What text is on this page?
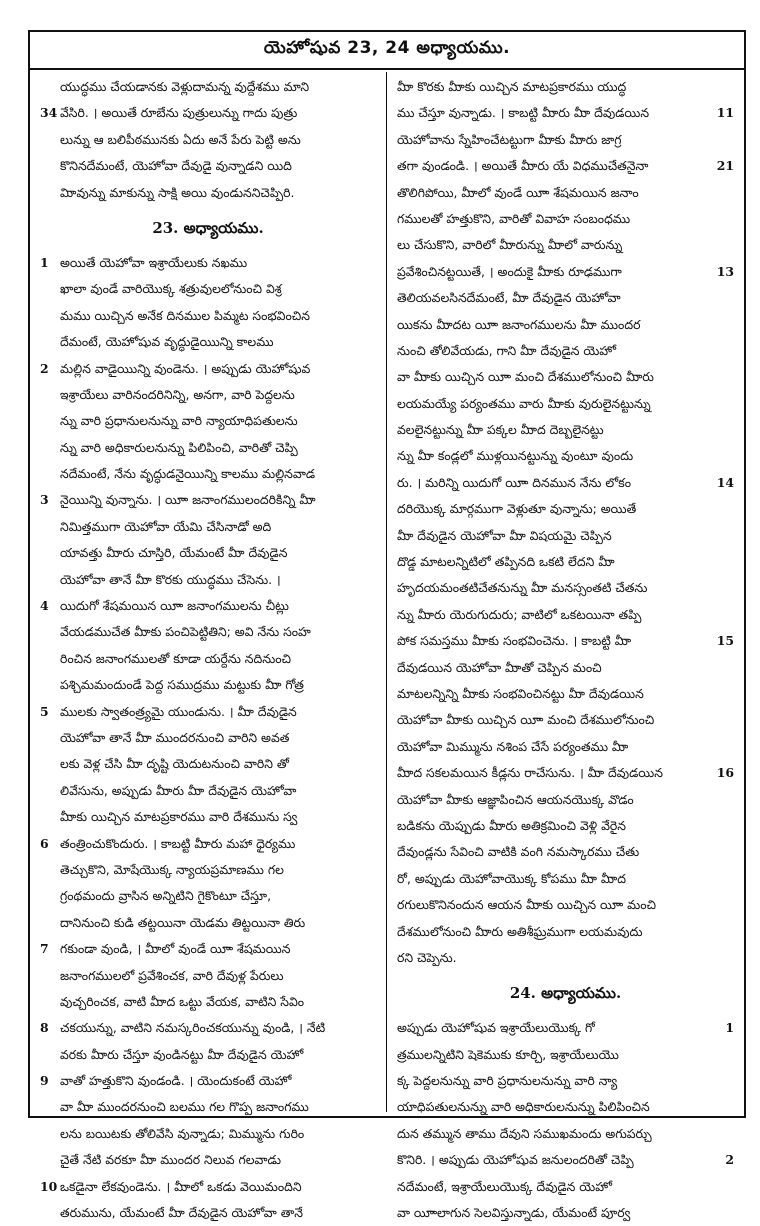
యెహోషువ 23, 24 అధ్యాయము.
యుద్ధము చేయడానకు వెళ్లుదామన్న వుద్దేశము మాని
34 వేసిరి. । అయితే రూబేను పుత్రులున్ను గాదు పుత్రు
లున్ను ఆ బలిపీఠమునకు ఏదు అనే పేరు పెట్టి అను
కొనినదేమంటే, యెహోవా దేవుడై వున్నాడని యిది
మిావున్ను మాకున్ను సాక్షి అయి వుండుననిచెప్పిరి.
23. అధ్యాయము.
1 అయితే యెహోవా ఇశ్రాయేలుకు నఖము
ఖాలా వుండే వారియొక్క శత్రువులలోనుంచి విశ్ర
మము యిచ్చిన అనేక దినముల పిమ్మట సంభవించిన
దేమంటే, యెహోషువ వృద్ధుడైయిున్ని కాలము
2 మల్లిన వాడైయిున్ని వుండెను. । అప్పుడు యెహోషువ
ఇశ్రాయేలు వారినందరినిన్ని, అనగా, వారి పెద్దలను
న్ను వారి ప్రధానులనున్ను వారి న్యాయాధిపతులను
న్ను వారి అధికారులనున్ను పిలిపించి, వారితో చెప్పి
నదేమంటే, నేను వృద్ధుడనైయిున్ని కాలము మల్లినవాడ
3 నైయిున్ని వున్నాను. । యీా జనాంగములందరికిన్ని మీా
నిమిత్తముగా యెహోవా యేమి చేసినాడో అది
యావత్తు మీారు చూస్తిరి, యేమంటే మీా దేవుడైన
యెహోవా తానే మీా కొరకు యుద్ధము చేసెను. ।
4 యిదుగో శేషమయిన యీా జనాంగములను చీట్లు
వేయడముచేత మీాకు పంచిపెట్టితిని; అవి నేను సంహ
రించిన జనాంగములతో కూడా యర్దేను నదినుంచి
పశ్చిమమందుండే పెద్ద సముద్రము మట్టుకు మీా గోత్ర
5 ములకు స్వాతంత్ర్యమై యుండును. । మీా దేవుడైన
యెహోవా తానే మీా ముందరనుంచి వారిని అవత
లకు వెళ్ల చేసి మీా దృష్టి యెదుటనుంచి వారిని తో
లివేసును, అప్పుడు మీారు మీా దేవుడైన యెహోవా
మీాకు యిచ్చిన మాటప్రకారము వారి దేశమును స్వ
6 తంత్రించుకొందురు. । కాబట్టి మీారు మహా ధైర్యము
తెచ్చుకొని, మోషేయొక్క న్యాయప్రమాణము గల
గ్రంథమందు వ్రాసిన అన్నిటిని గైకొంటూ చేస్తూ,
దానినుంచి కుడి తట్టయినా యెడమ తిట్టయినా తిరు
7 గకుండా వుండి, । మీాలో వుండే యీా శేషమయిన
జనాంగములలో ప్రవేశించక, వారి దేవుళ్ల పేరులు
వుచ్చరించక, వాటి మీాద ఒట్టు వేయక, వాటిని సేవిం
8 చకయున్ను, వాటిని నమస్కరించకయున్ను వుండి, । నేటి
వరకు మీారు చేస్తూ వుండినట్టు మీా దేవుడైన యెహో
9 వాతో హత్తుకొని వుండండి. । యెందుకంటే యెహో
వా మీా ముందరనుంచి బలము గల గొప్ప జనాంగము
లను బయిటకు తోలివేసి వున్నాడు; మిమ్మును గురిం
చైతే నేటి వరకూ మీా ముందర నిలువ గలవాడు
10 ఒకడైనా లేకవుండెను. । మీాలో ఒకడు వెయిమందిని
తరుమును, యేమంటే మీా దేవుడైన యెహోవా తానే
మీా కొరకు మీాకు యిచ్చిన మాటప్రకారము యుద్ధ
ము చేస్తూ వున్నాడు. । కాబట్టి మీారు మీా దేవుడయిన	11
యెహోవాను స్నేహించేటట్టుగా మీాకు మీారు జాగ్ర
తగా వుండండి. । అయితే మీారు యే విధముచేతనైనా	21
తొలిగిపోయి, మీాలో వుండే యీా శేషమయిన జనాం
గములతో హత్తుకొని, వారితో వివాహ సంబంధము
లు చేసుకొని, వారిలో మీారున్ను మీాలో వారున్ను
ప్రవేశించినట్టయితే, । అందుకై మీాకు రూఢముగా	13
తెలియవలసినదేమంటే, మీా దేవుడైన యెహోవా
యికను మీాదట యీా జనాంగములను మీా ముందర
నుంచి తోలివేయడు, గాని మీా దేవుడైన యెహో
వా మీాకు యిచ్చిన యీా మంచి దేశములోనుంచి మీారు
లయమయ్యే పర్యంతము వారు మీాకు వురులైనట్టున్ను
వలలైనట్టున్ను మీా పక్కల మీాద దెబ్బలైనట్టు
న్ను మీా కండ్లలో ముళ్లయినట్టున్ను వుంటూ వుందు
రు. । మరిన్ని యిదుగో యీా దినమున నేను లోకం	14
దరియొక్క మార్గముగా వెళ్లుతూ వున్నాను; అయితే
మీా దేవుడైన యెహోవా మీా విషయమై చెప్పిన
దొడ్డ మాటలన్నిటిలో తప్పినది ఒకటి లేదని మీా
హృదయమంతటిచేతనున్ను మీా మనస్సంతటి చేతను
న్ను మీారు యెరుగుదురు; వాటిలో ఒకటయినా తప్పి
పోక సమస్తము మీాకు సంభవించెను. । కాబట్టి మీా	15
దేవుడయిన యెహోవా మీాతో చెప్పిన మంచి
మాటలన్నిన్ని మీాకు సంభవించినట్టు మీా దేవుడయిన
యెహోవా మీాకు యిచ్చిన యీా మంచి దేశములోనుంచి
యెహోవా మిమ్మును నశింప చేసే పర్యంతము మీా
మీాద సకలమయిన కీడ్లను రాచేసును. । మీా దేవుడయిన	16
యెహోవా మీాకు ఆజ్ఞాపించిన ఆయనయొక్క వొడం
బడికను యెప్పుడు మీారు అతిక్రమించి వెళ్లి వేరైన
దేవుండ్లను సేవించి వాటికి వంగి నమస్కారము చేతు
రో, అప్పుడు యెహోవాయొక్క కోపము మీా మీాద
రగులుకొనినందున ఆయన మీాకు యిచ్చిన యీా మంచి
దేశములోనుంచి మీారు అతిశీఘ్రముగా లయమవుదు
రని చెప్పెను.
24. అధ్యాయము.
అప్పుడు యెహోషువ ఇశ్రాయేలుయొక్క గో	1
త్రములన్నిటిని షెకెముకు కూర్చి, ఇశ్రాయేలుయొ
క్క పెద్దలనున్ను వారి ప్రధానులనున్ను వారి న్యా
యాధిపతులనున్ను వారి అధికారులనున్ను పిలిపించిన
దున తమ్మున తాము దేవుని సముఖమందు అగుపర్చు
కొనిరి. । అప్పుడు యెహోషువ జనులందరితో చెప్పి	2
నదేమంటే, ఇశ్రాయేలుయొక్క దేవుడైన యెహో
వా యీాలాగున సెలవిస్తున్నాడు, యేమంటే పూర్వ
